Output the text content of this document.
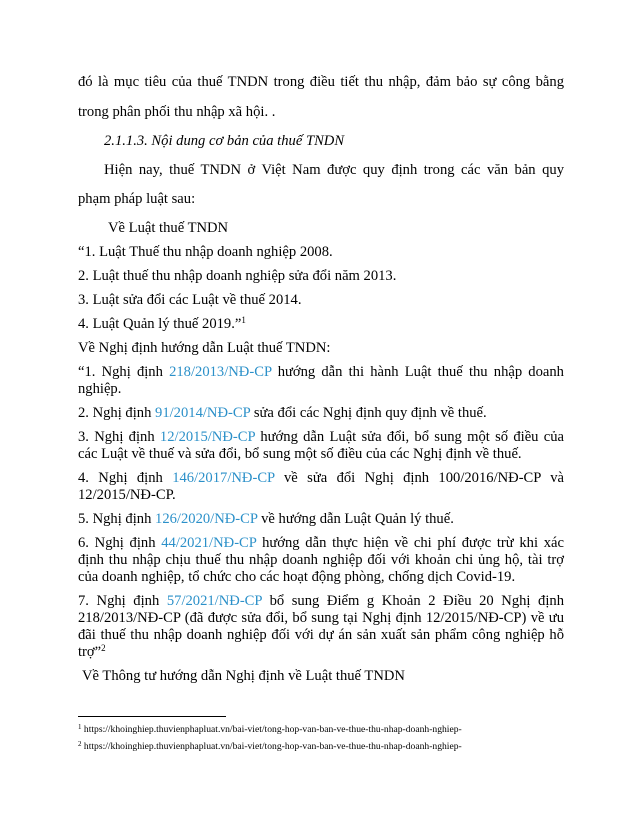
đó là mục tiêu của thuế TNDN trong điều tiết thu nhập, đảm bảo sự công bằng
trong phân phối thu nhập xã hội. .
2.1.1.3. Nội dung cơ bản của thuế TNDN
Hiện nay, thuế TNDN ở Việt Nam được quy định trong các văn bản quy
phạm pháp luật sau:
Về Luật thuế TNDN
“1. Luật Thuế thu nhập doanh nghiệp 2008.
2. Luật thuế thu nhập doanh nghiệp sửa đổi năm 2013.
3. Luật sửa đổi các Luật về thuế 2014.
4. Luật Quản lý thuế 2019.”$^1$
Về Nghị định hướng dẫn Luật thuế TNDN:
“1. Nghị định 218/2013/NĐ-CP hướng dẫn thi hành Luật thuế thu nhập doanh
nghiệp.
2. Nghị định 91/2014/NĐ-CP sửa đổi các Nghị định quy định về thuế.
3. Nghị định 12/2015/NĐ-CP hướng dẫn Luật sửa đổi, bổ sung một số điều của
các Luật về thuế và sửa đổi, bổ sung một số điều của các Nghị định về thuế.
4. Nghị định 146/2017/NĐ-CP về sửa đổi Nghị định 100/2016/NĐ-CP và
12/2015/NĐ-CP.
5. Nghị định 126/2020/NĐ-CP về hướng dẫn Luật Quản lý thuế.
6. Nghị định 44/2021/NĐ-CP hướng dẫn thực hiện về chi phí được trừ khi xác
định thu nhập chịu thuế thu nhập doanh nghiệp đối với khoản chi ủng hộ, tài trợ
của doanh nghiệp, tổ chức cho các hoạt động phòng, chống dịch Covid-19.
7. Nghị định 57/2021/NĐ-CP bổ sung Điểm g Khoản 2 Điều 20 Nghị định
218/2013/NĐ-CP (đã được sửa đổi, bổ sung tại Nghị định 12/2015/NĐ-CP) về ưu
đãi thuế thu nhập doanh nghiệp đối với dự án sản xuất sản phẩm công nghiệp hỗ
trợ”$^2$
Về Thông tư hướng dẫn Nghị định về Luật thuế TNDN
$^1$ https://khoinghiep.thuvienphapluat.vn/bai-viet/tong-hop-van-ban-ve-thue-thu-nhap-doanh-nghiep-
$^2$ https://khoinghiep.thuvienphapluat.vn/bai-viet/tong-hop-van-ban-ve-thue-thu-nhap-doanh-nghiep-
